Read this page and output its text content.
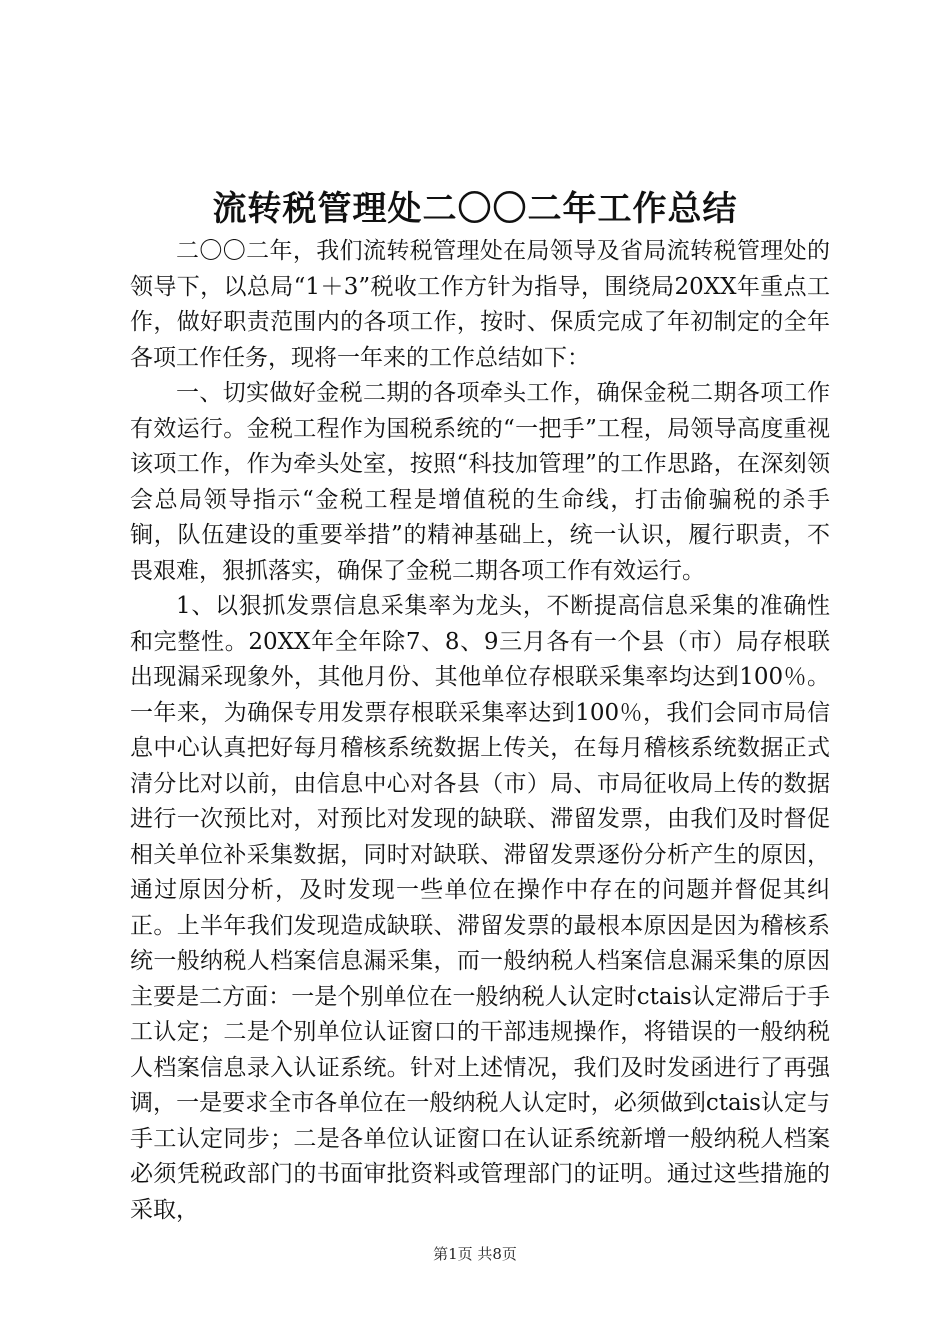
流转税管理处二〇〇二年工作总结

二〇〇二年，我们流转税管理处在局领导及省局流转税管理处的领导下，以总局“1＋3”税收工作方针为指导，围绕局20XX年重点工作，做好职责范围内的各项工作，按时、保质完成了年初制定的全年各项工作任务，现将一年来的工作总结如下：

一、切实做好金税二期的各项牵头工作，确保金税二期各项工作有效运行。金税工程作为国税系统的“一把手”工程，局领导高度重视该项工作，作为牵头处室，按照“科技加管理”的工作思路，在深刻领会总局领导指示“金税工程是增值税的生命线，打击偷骗税的杀手锏，队伍建设的重要举措”的精神基础上，统一认识，履行职责，不畏艰难，狠抓落实，确保了金税二期各项工作有效运行。

1、以狠抓发票信息采集率为龙头，不断提高信息采集的准确性和完整性。20XX年全年除7、8、9三月各有一个县（市）局存根联出现漏采现象外，其他月份、其他单位存根联采集率均达到100％。一年来，为确保专用发票存根联采集率达到100％，我们会同市局信息中心认真把好每月稽核系统数据上传关，在每月稽核系统数据正式清分比对以前，由信息中心对各县（市）局、市局征收局上传的数据进行一次预比对，对预比对发现的缺联、滞留发票，由我们及时督促相关单位补采集数据，同时对缺联、滞留发票逐份分析产生的原因，通过原因分析，及时发现一些单位在操作中存在的问题并督促其纠正。上半年我们发现造成缺联、滞留发票的最根本原因是因为稽核系统一般纳税人档案信息漏采集，而一般纳税人档案信息漏采集的原因主要是二方面：一是个别单位在一般纳税人认定时ctais认定滞后于手工认定；二是个别单位认证窗口的干部违规操作，将错误的一般纳税人档案信息录入认证系统。针对上述情况，我们及时发函进行了再强调，一是要求全市各单位在一般纳税人认定时，必须做到ctais认定与手工认定同步；二是各单位认证窗口在认证系统新增一般纳税人档案必须凭税政部门的书面审批资料或管理部门的证明。通过这些措施的采取，

第1页 共8页
